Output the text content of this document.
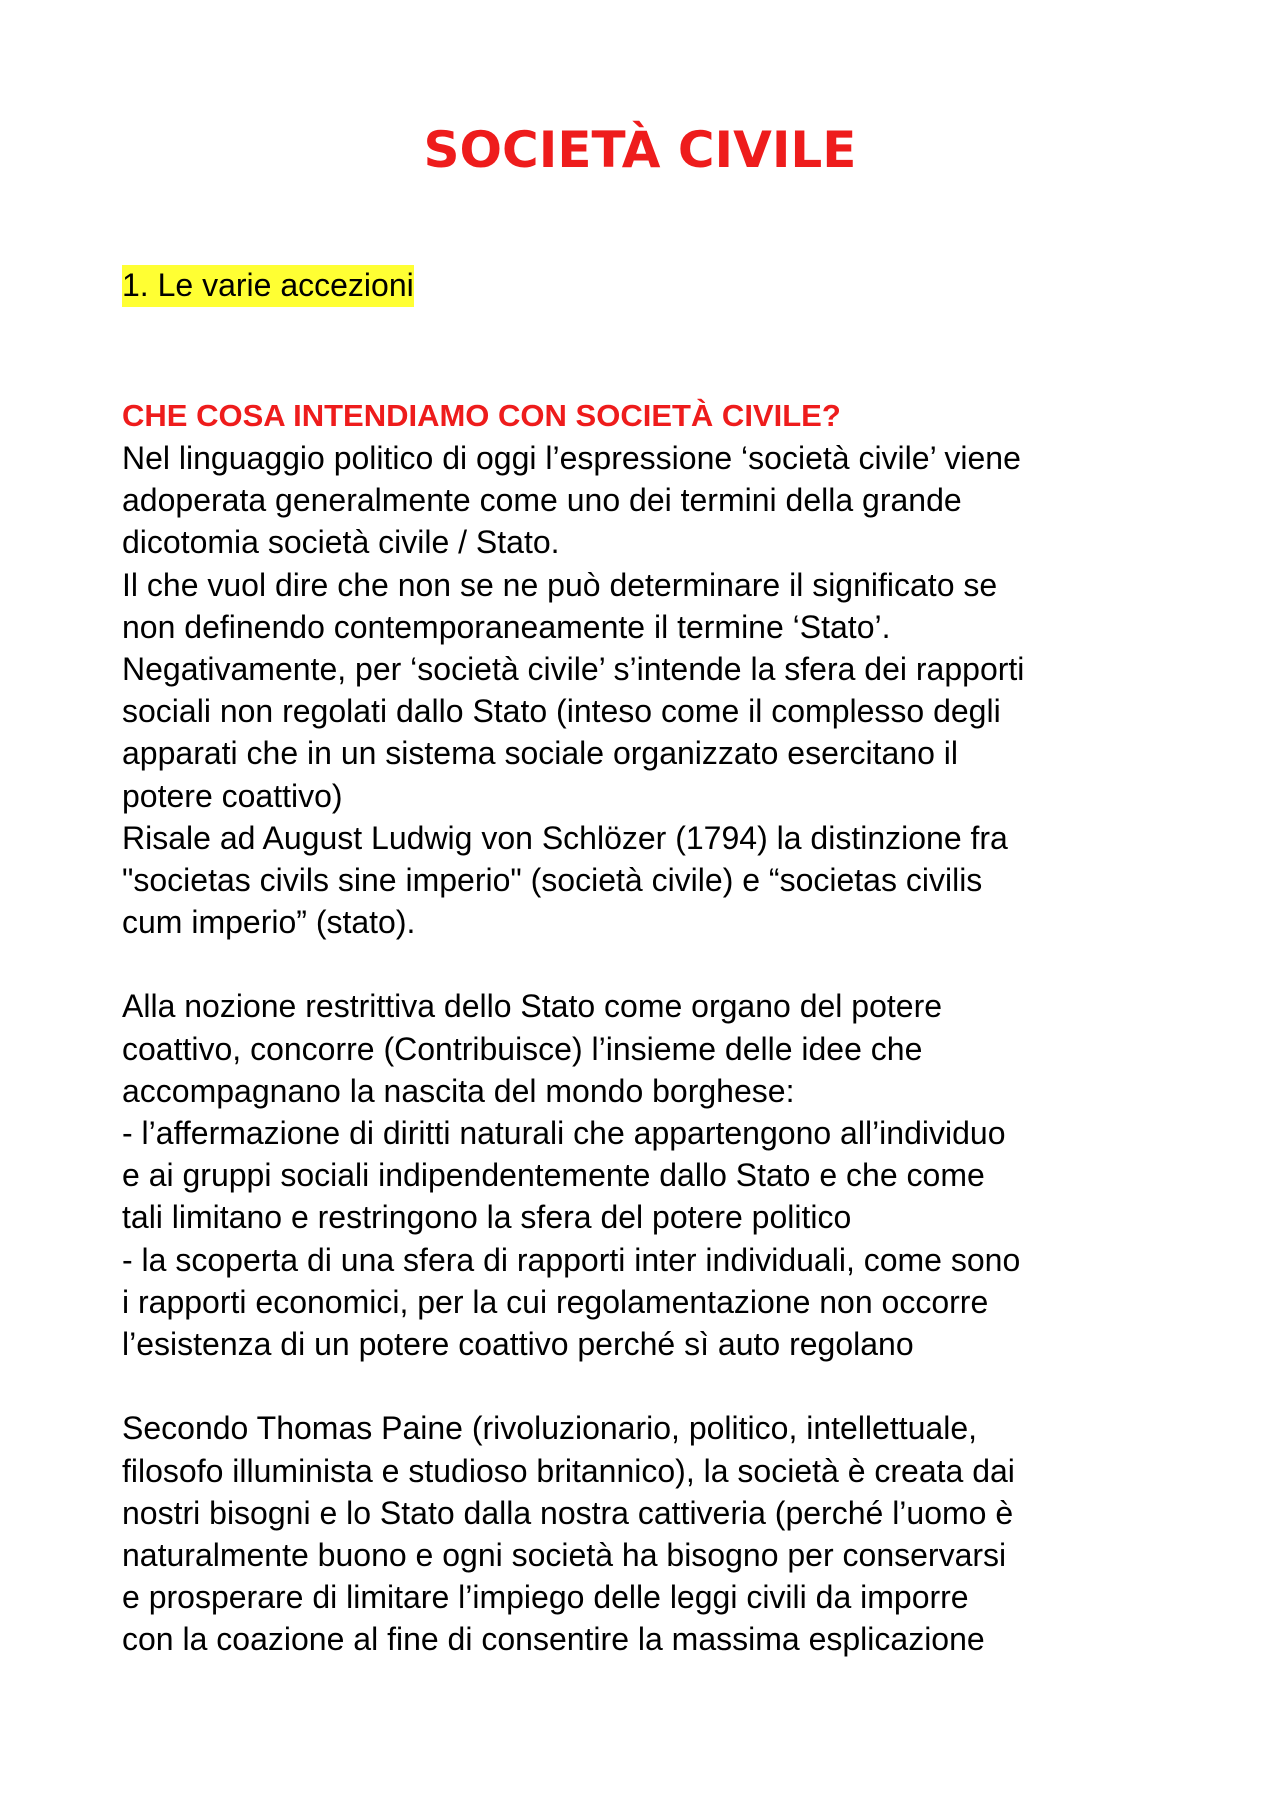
SOCIETÀ CIVILE
1. Le varie accezioni
CHE COSA INTENDIAMO CON SOCIETÀ CIVILE?
Nel linguaggio politico di oggi l’espressione ‘società civile’ viene
adoperata generalmente come uno dei termini della grande
dicotomia società civile / Stato.
Il che vuol dire che non se ne può determinare il significato se
non definendo contemporaneamente il termine ‘Stato’.
Negativamente, per ‘società civile’ s’intende la sfera dei rapporti
sociali non regolati dallo Stato (inteso come il complesso degli
apparati che in un sistema sociale organizzato esercitano il
potere coattivo)
Risale ad August Ludwig von Schlözer (1794) la distinzione fra
"societas civils sine imperio" (società civile) e “societas civilis
cum imperio” (stato).
Alla nozione restrittiva dello Stato come organo del potere
coattivo, concorre (Contribuisce) l’insieme delle idee che
accompagnano la nascita del mondo borghese:
- l’affermazione di diritti naturali che appartengono all’individuo
e ai gruppi sociali indipendentemente dallo Stato e che come
tali limitano e restringono la sfera del potere politico
- la scoperta di una sfera di rapporti inter individuali, come sono
i rapporti economici, per la cui regolamentazione non occorre
l’esistenza di un potere coattivo perché sì auto regolano
Secondo Thomas Paine (rivoluzionario, politico, intellettuale,
filosofo illuminista e studioso britannico), la società è creata dai
nostri bisogni e lo Stato dalla nostra cattiveria (perché l’uomo è
naturalmente buono e ogni società ha bisogno per conservarsi
e prosperare di limitare l’impiego delle leggi civili da imporre
con la coazione al fine di consentire la massima esplicazione
